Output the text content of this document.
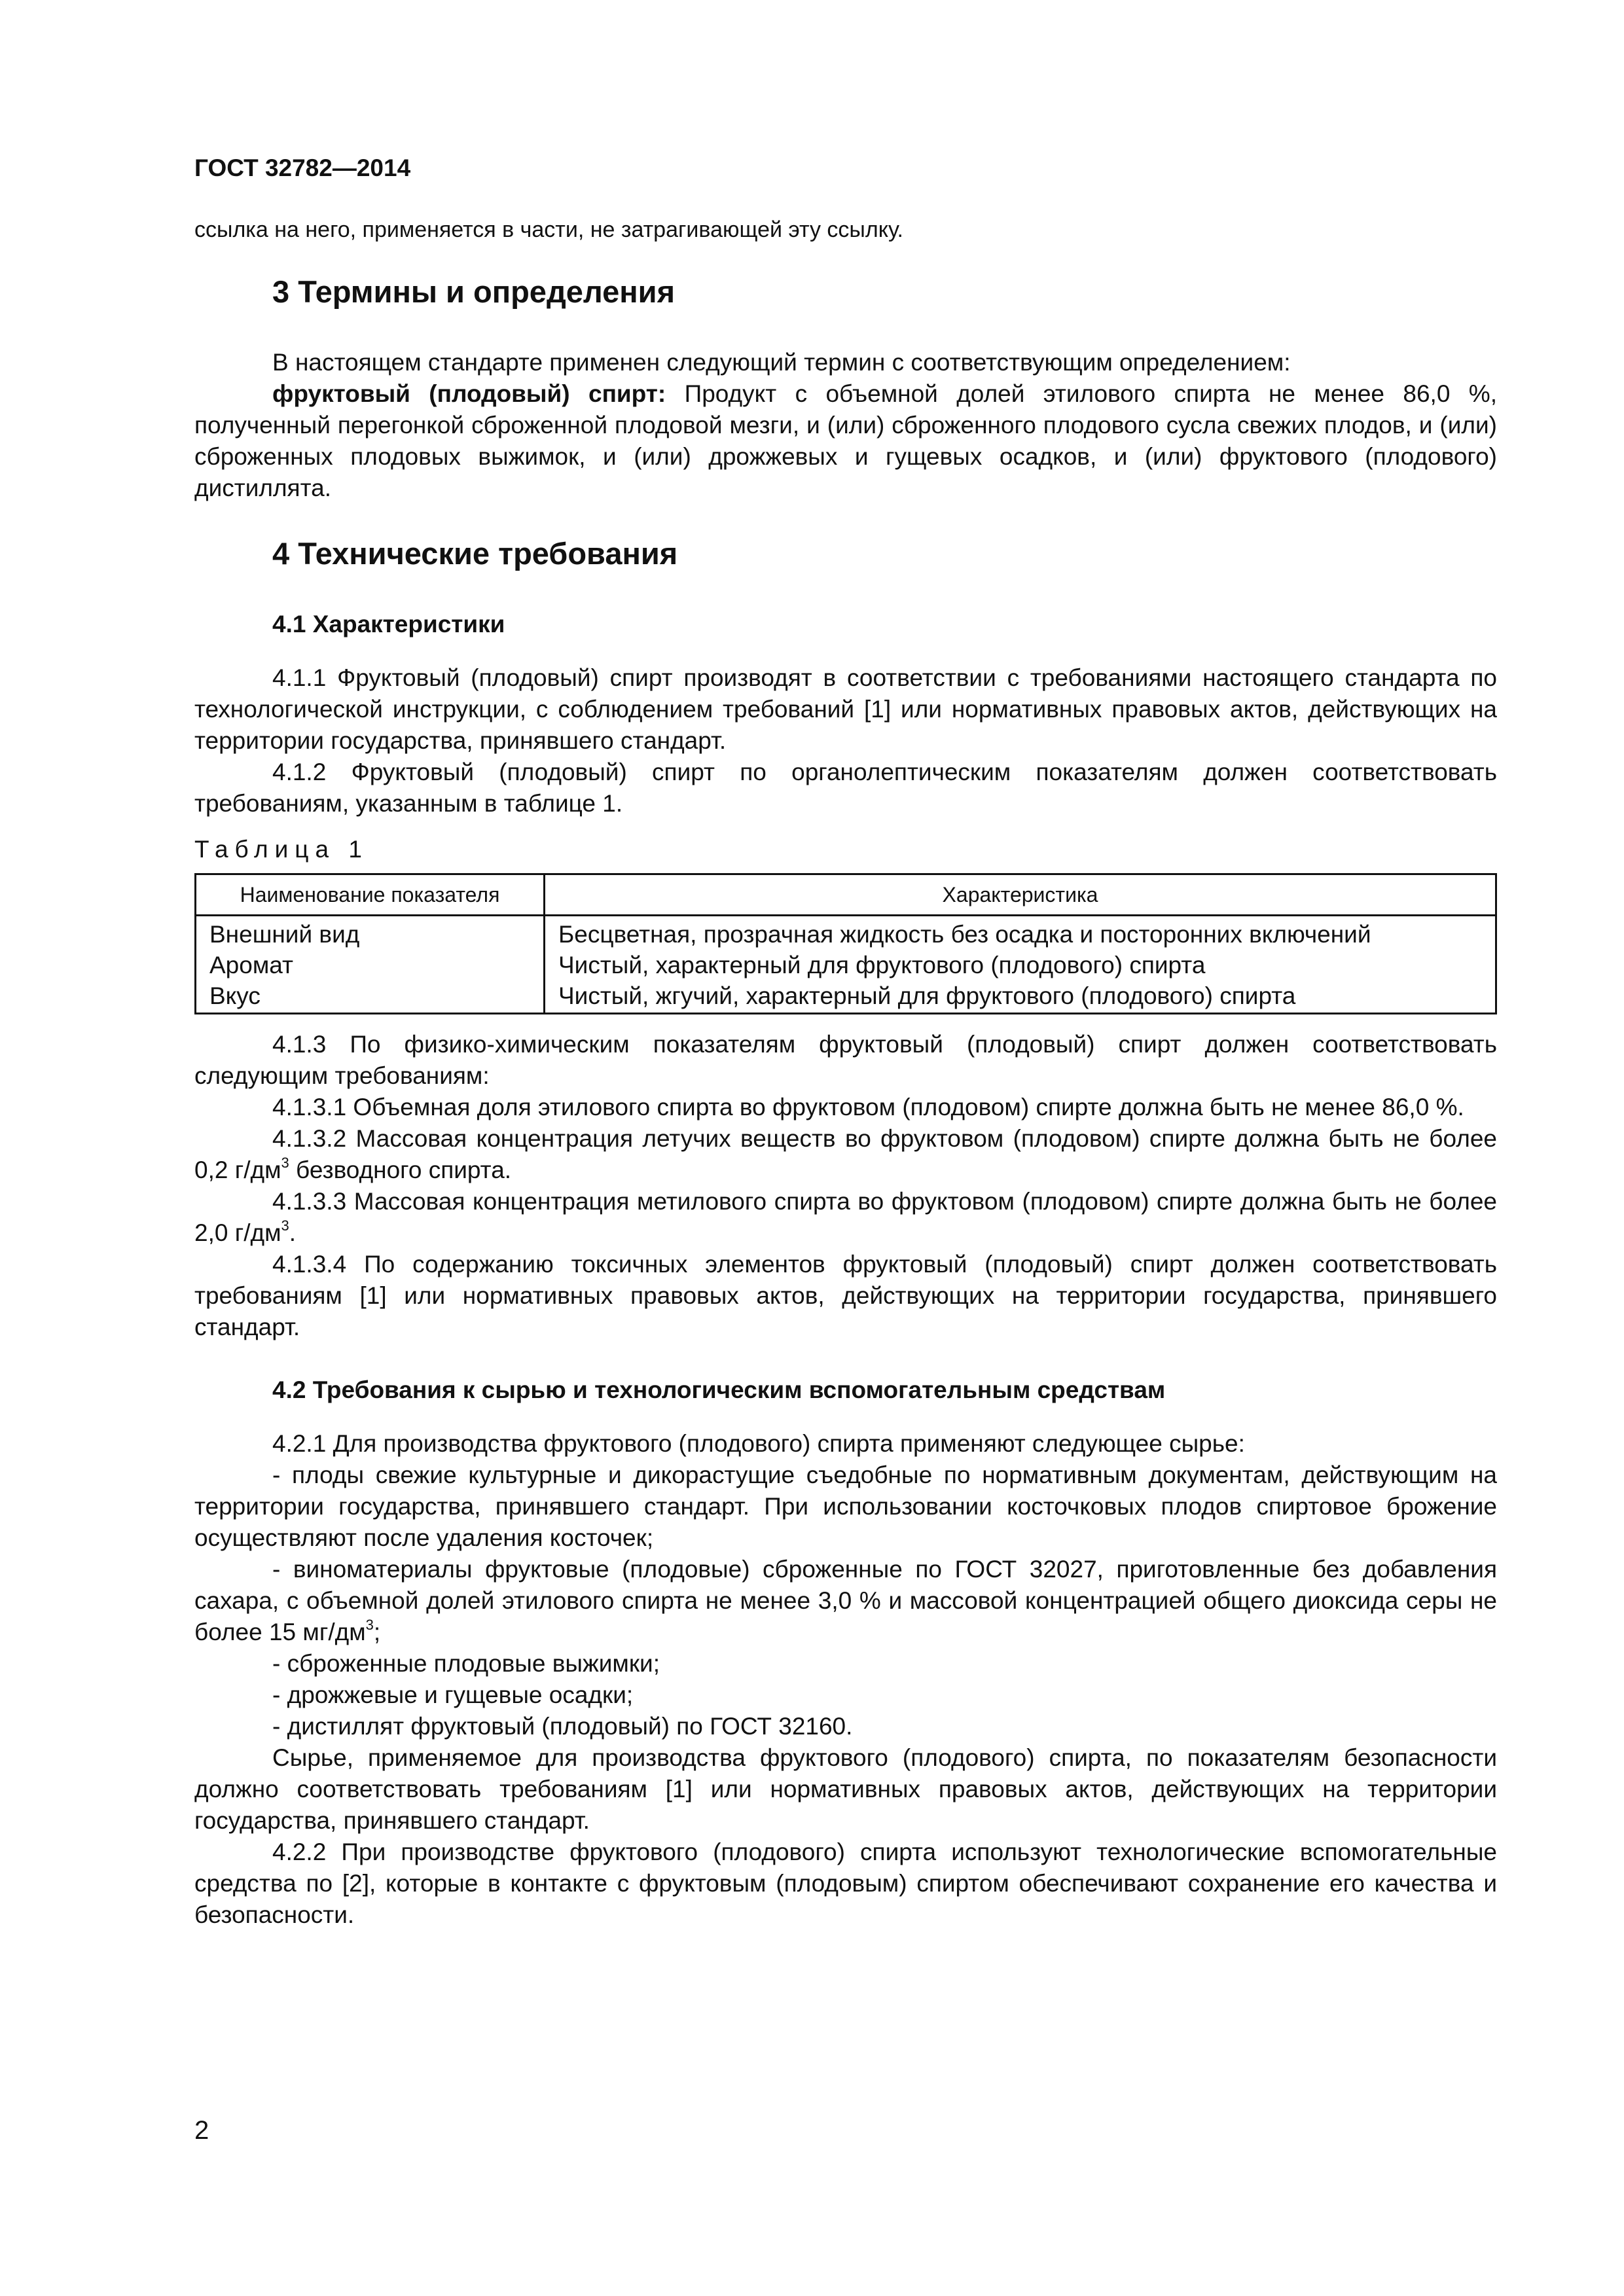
ГОСТ 32782—2014
ссылка на него, применяется в части, не затрагивающей эту ссылку.
3 Термины и определения

В настоящем стандарте применен следующий термин с соответствующим определением:

фруктовый (плодовый) спирт: Продукт с объемной долей этилового спирта не менее 86,0 %, полученный перегонкой сброженной плодовой мезги, и (или) сброженного плодового сусла свежих плодов, и (или) сброженных плодовых выжимок, и (или) дрожжевых и гущевых осадков, и (или) фруктового (плодового) дистиллята.

4 Технические требования
4.1 Характеристики

4.1.1 Фруктовый (плодовый) спирт производят в соответствии с требованиями настоящего стандарта по технологической инструкции, с соблюдением требований [1] или нормативных правовых актов, действующих на территории государства, принявшего стандарт.

4.1.2 Фруктовый (плодовый) спирт по органолептическим показателям должен соответствовать требованиям, указанным в таблице 1.

Таблица 1
Наименование показателя	Характеристика
Внешний вид	Бесцветная, прозрачная жидкость без осадка и посторонних включений
Аромат	Чистый, характерный для фруктового (плодового) спирта
Вкус	Чистый, жгучий, характерный для фруктового (плодового) спирта

4.1.3 По физико-химическим показателям фруктовый (плодовый) спирт должен соответствовать следующим требованиям:

4.1.3.1 Объемная доля этилового спирта во фруктовом (плодовом) спирте должна быть не менее 86,0 %.

4.1.3.2 Массовая концентрация летучих веществ во фруктовом (плодовом) спирте должна быть не более 0,2 $г/дм^3$ безводного спирта.

4.1.3.3 Массовая концентрация метилового спирта во фруктовом (плодовом) спирте должна быть не более 2,0 $г/дм^3$.

4.1.3.4 По содержанию токсичных элементов фруктовый (плодовый) спирт должен соответствовать требованиям [1] или нормативных правовых актов, действующих на территории государства, принявшего стандарт.

4.2 Требования к сырью и технологическим вспомогательным средствам

4.2.1 Для производства фруктового (плодового) спирта применяют следующее сырье:

- плоды свежие культурные и дикорастущие съедобные по нормативным документам, действующим на территории государства, принявшего стандарт. При использовании косточковых плодов спиртовое брожение осуществляют после удаления косточек;

- виноматериалы фруктовые (плодовые) сброженные по ГОСТ 32027, приготовленные без добавления сахара, с объемной долей этилового спирта не менее 3,0 % и массовой концентрацией общего диоксида серы не более 15 $мг/дм^3$;

- сброженные плодовые выжимки;

- дрожжевые и гущевые осадки;

- дистиллят фруктовый (плодовый) по ГОСТ 32160.

Сырье, применяемое для производства фруктового (плодового) спирта, по показателям безопасности должно соответствовать требованиям [1] или нормативных правовых актов, действующих на территории государства, принявшего стандарт.

4.2.2 При производстве фруктового (плодового) спирта используют технологические вспомогательные средства по [2], которые в контакте с фруктовым (плодовым) спиртом обеспечивают сохранение его качества и безопасности.

2
